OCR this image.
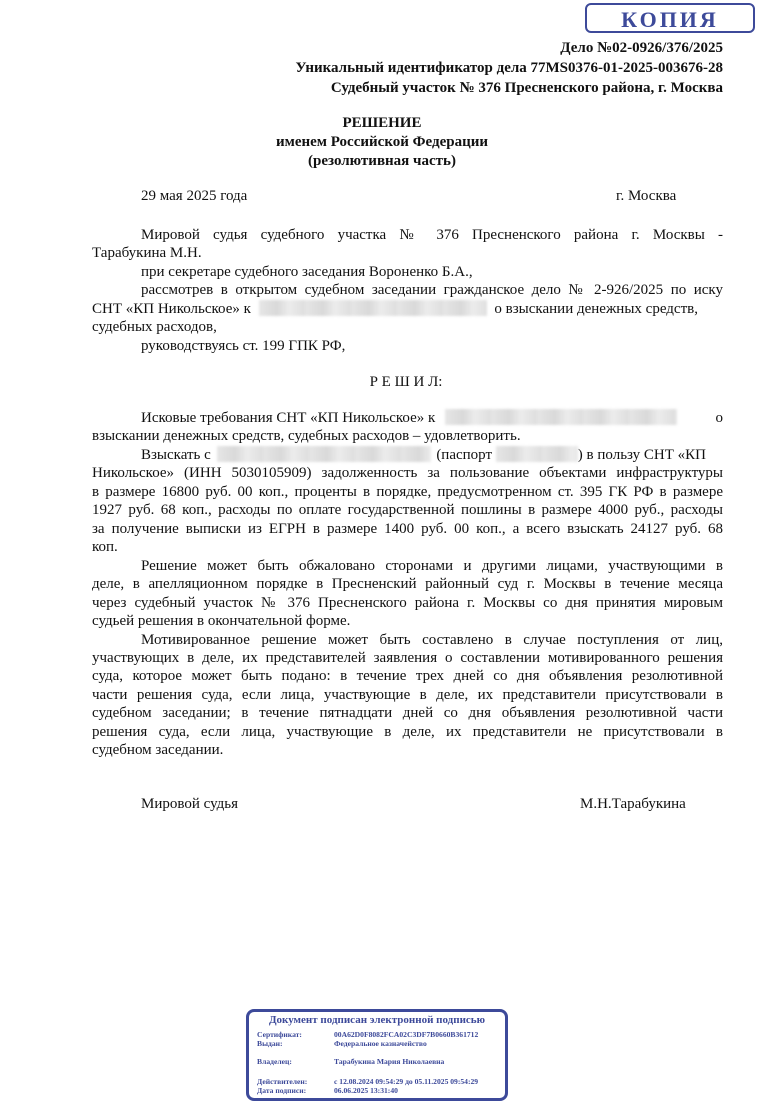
КОПИЯ
Дело №02-0926/376/2025
Уникальный идентификатор дела 77MS0376-01-2025-003676-28
Судебный участок № 376 Пресненского района, г. Москва
РЕШЕНИЕ
именем Российской Федерации
(резолютивная часть)
29 мая 2025 года	г. Москва
Мировой судья судебного участка № 376 Пресненского района г. Москвы -
Тарабукина М.Н.
при секретаре судебного заседания Вороненко Б.А.,
рассмотрев в открытом судебном заседании гражданское дело № 2-926/2025 по иску
СНТ «КП Никольское» к	о взыскании денежных средств,
судебных расходов,
руководствуясь ст. 199 ГПК РФ,
Р Е Ш И Л:
Исковые требования СНТ «КП Никольское» к	о
взыскании денежных средств, судебных расходов – удовлетворить.
Взыскать с	(паспорт	) в пользу СНТ «КП
Никольское» (ИНН 5030105909) задолженность за пользование объектами инфраструктуры
в размере 16800 руб. 00 коп., проценты в порядке, предусмотренном ст. 395 ГК РФ в размере
1927 руб. 68 коп., расходы по оплате государственной пошлины в размере 4000 руб., расходы
за получение выписки из ЕГРН в размере 1400 руб. 00 коп., а всего взыскать 24127 руб. 68
коп.
Решение может быть обжаловано сторонами и другими лицами, участвующими в
деле, в апелляционном порядке в Пресненский районный суд г. Москвы в течение месяца
через судебный участок № 376 Пресненского района г. Москвы со дня принятия мировым
судьей решения в окончательной форме.
Мотивированное решение может быть составлено в случае поступления от лиц,
участвующих в деле, их представителей заявления о составлении мотивированного решения
суда, которое может быть подано: в течение трех дней со дня объявления резолютивной
части решения суда, если лица, участвующие в деле, их представители присутствовали в
судебном заседании; в течение пятнадцати дней со дня объявления резолютивной части
решения суда, если лица, участвующие в деле, их представители не присутствовали в
судебном заседании.
Мировой судья	М.Н.Тарабукина
Документ подписан электронной подписью
Сертификат:	00A62D0F8082FCA02C3DF7B0660B361712
Выдан:	Федеральное казначейство
Владелец:	Тарабукина Мария Николаевна
Действителен:	с 12.08.2024 09:54:29 до 05.11.2025 09:54:29
Дата подписи:	06.06.2025 13:31:40
